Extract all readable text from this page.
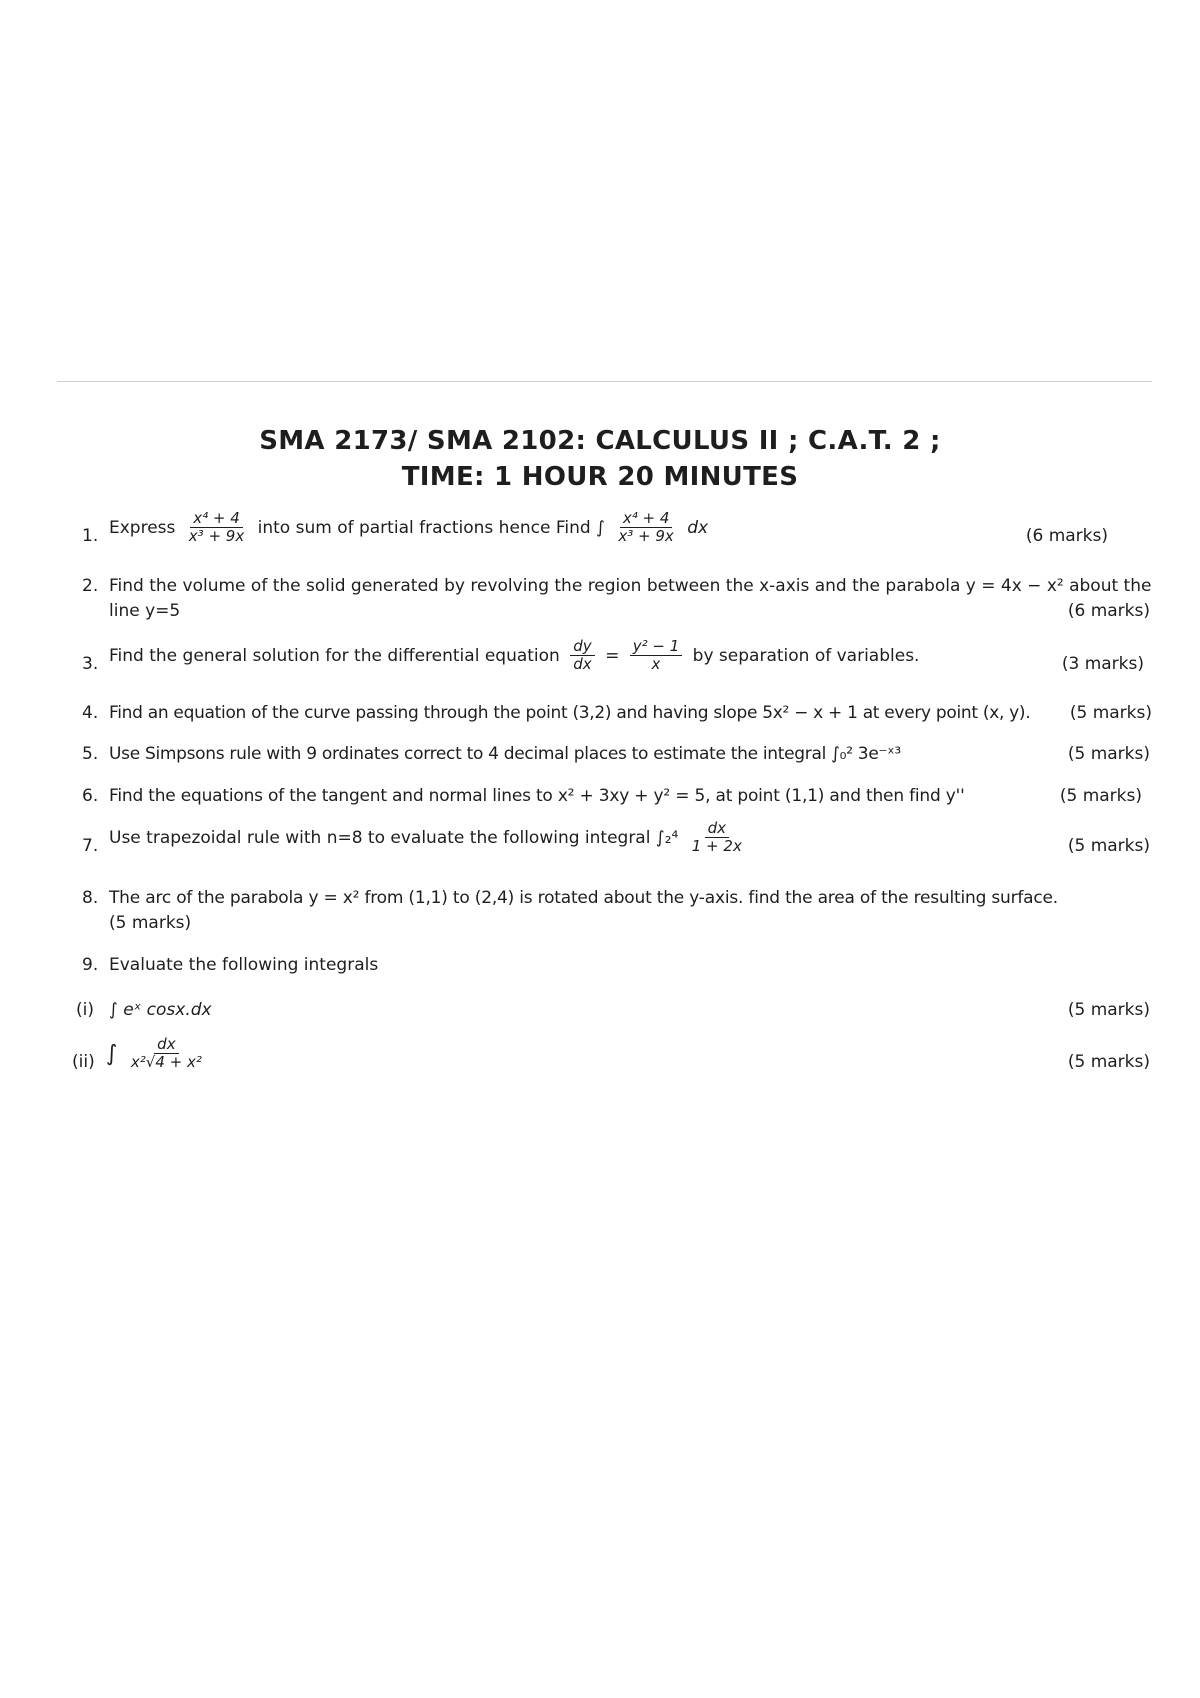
SMA 2173/ SMA 2102: CALCULUS II ; C.A.T. 2 ;
TIME: 1 HOUR 20 MINUTES
1. Express $\frac{\text{x⁴ + 4}}{\text{x³ + 9x}}$ into sum of partial fractions hence Find ∫ $\frac{\text{x⁴ + 4}}{\text{x³ + 9x}}$ dx	(6 marks)
2. Find the volume of the solid generated by revolving the region between the x-axis and the parabola y = 4x − x² about the
line y=5	(6 marks)
3. Find the general solution for the differential equation $\frac{dy}{dx} = \frac{\text{y² − 1}}{x}$ by separation of variables.	(3 marks)
4. Find an equation of the curve passing through the point (3,2) and having slope 5x² − x + 1 at every point (x, y). (5 marks)
5. Use Simpsons rule with 9 ordinates correct to 4 decimal places to estimate the integral ∫₀² 3e⁻ˣ³	(5 marks)
6. Find the equations of the tangent and normal lines to x² + 3xy + y² = 5, at point (1,1) and then find y''	(5 marks)
7. Use trapezoidal rule with n=8 to evaluate the following integral $\int_2^4 \frac{dx}{1 + 2x}$	(5 marks)
8. The arc of the parabola y = x² from (1,1) to (2,4) is rotated about the y-axis. find the area of the resulting surface.
(5 marks)
9. Evaluate the following integrals
(i) ∫ eˣ cosx.dx	(5 marks)
(ii) ∫ $\frac{dx}{\text{x²√4 + x²}}$	(5 marks)
